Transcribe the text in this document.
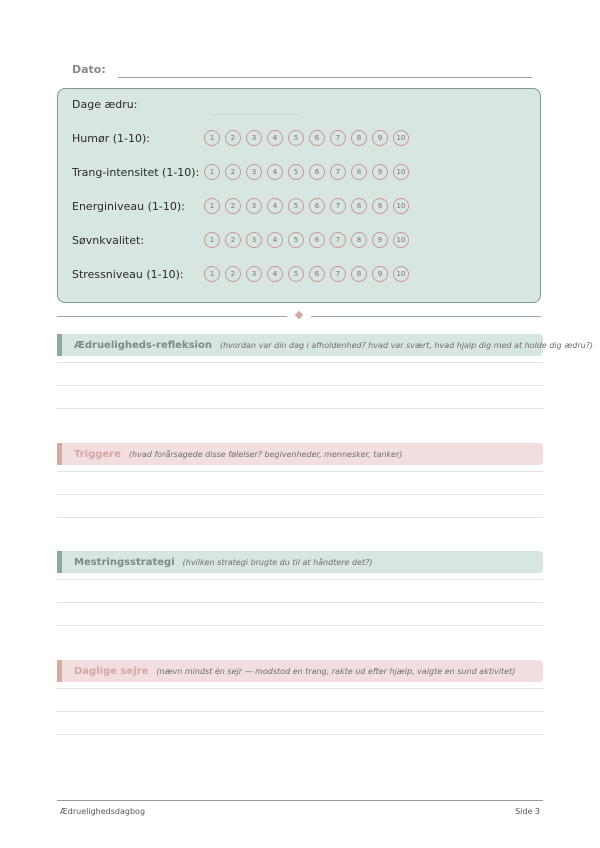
Dato:
Dage ædru:
Humør (1-10):	1	2	3	4	5	6	7	8	9	10
Trang-intensitet (1-10):	1	2	3	4	5	6	7	8	9	10
Energiniveau (1-10):	1	2	3	4	5	6	7	8	9	10
Søvnkvalitet:	1	2	3	4	5	6	7	8	9	10
Stressniveau (1-10):	1	2	3	4	5	6	7	8	9	10
Ædrueligheds-refleksion (hvordan var din dag i afholdenhed? hvad var svært, hvad hjalp dig med at holde dig ædru?)
Triggere (hvad forårsagede disse følelser? begivenheder, mennesker, tanker)
Mestringsstrategi (hvilken strategi brugte du til at håndtere det?)
Daglige sejre (nævn mindst én sejr — modstod en trang, rakte ud efter hjælp, valgte en sund aktivitet)
Ædruelighedsdagbog	Side 3
